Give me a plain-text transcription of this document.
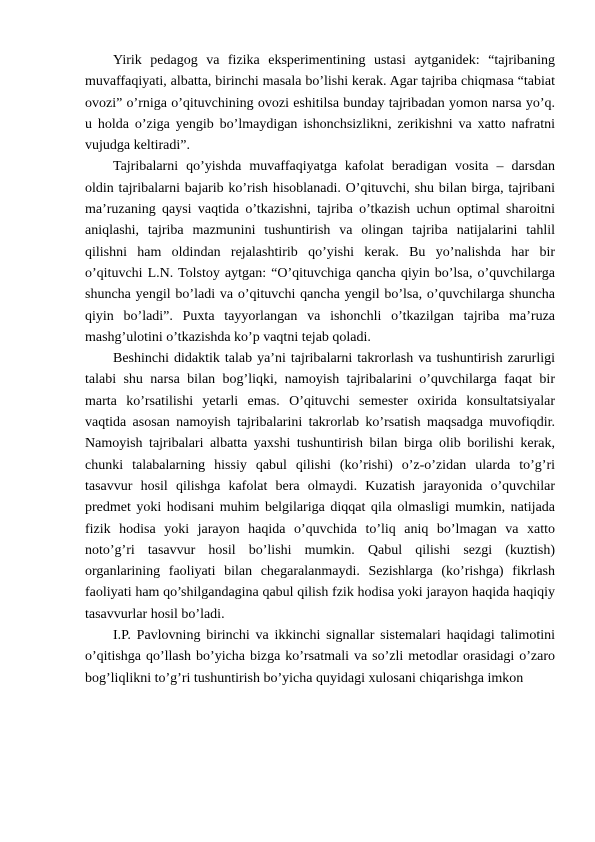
Yirik pedagog va fizika eksperimentining ustasi aytganidek: “tajribaning muvaffaqiyati, albatta, birinchi masala bo’lishi kerak. Agar tajriba chiqmasa “tabiat ovozi” o’rniga o’qituvchining ovozi eshitilsa bunday tajribadan yomon narsa yo’q. u holda o’ziga yengib bo’lmaydigan ishonchsizlikni, zerikishni va xatto nafratni vujudga keltiradi”.

Tajribalarni qo’yishda muvaffaqiyatga kafolat beradigan vosita – darsdan oldin tajribalarni bajarib ko’rish hisoblanadi. O’qituvchi, shu bilan birga, tajribani ma’ruzaning qaysi vaqtida o’tkazishni, tajriba o’tkazish uchun optimal sharoitni aniqlashi, tajriba mazmunini tushuntirish va olingan tajriba natijalarini tahlil qilishni ham oldindan rejalashtirib qo’yishi kerak. Bu yo’nalishda har bir o’qituvchi L.N. Tolstoy aytgan: “O’qituvchiga qancha qiyin bo’lsa, o’quvchilarga shuncha yengil bo’ladi va o’qituvchi qancha yengil bo’lsa, o’quvchilarga shuncha qiyin bo’ladi”. Puxta tayyorlangan va ishonchli o’tkazilgan tajriba ma’ruza mashg’ulotini o’tkazishda ko’p vaqtni tejab qoladi.

Beshinchi didaktik talab ya’ni tajribalarni takrorlash va tushuntirish zarurligi talabi shu narsa bilan bog’liqki, namoyish tajribalarini o’quvchilarga faqat bir marta ko’rsatilishi yetarli emas. O’qituvchi semester oxirida konsultatsiyalar vaqtida asosan namoyish tajribalarini takrorlab ko’rsatish maqsadga muvofiqdir. Namoyish tajribalari albatta yaxshi tushuntirish bilan birga olib borilishi kerak, chunki talabalarning hissiy qabul qilishi (ko’rishi) o’z-o’zidan ularda to’g’ri tasavvur hosil qilishga kafolat bera olmaydi. Kuzatish jarayonida o’quvchilar predmet yoki hodisani muhim belgilariga diqqat qila olmasligi mumkin, natijada fizik hodisa yoki jarayon haqida o’quvchida to’liq aniq bo’lmagan va xatto noto’g’ri tasavvur hosil bo’lishi mumkin. Qabul qilishi sezgi (kuztish) organlarining faoliyati bilan chegaralanmaydi. Sezishlarga (ko’rishga) fikrlash faoliyati ham qo’shilgandagina qabul qilish fzik hodisa yoki jarayon haqida haqiqiy tasavvurlar hosil bo’ladi.

I.P. Pavlovning birinchi va ikkinchi signallar sistemalari haqidagi talimotini o’qitishga qo’llash bo’yicha bizga ko’rsatmali va so’zli metodlar orasidagi o’zaro bog’liqlikni to’g’ri tushuntirish bo’yicha quyidagi xulosani chiqarishga imkon
